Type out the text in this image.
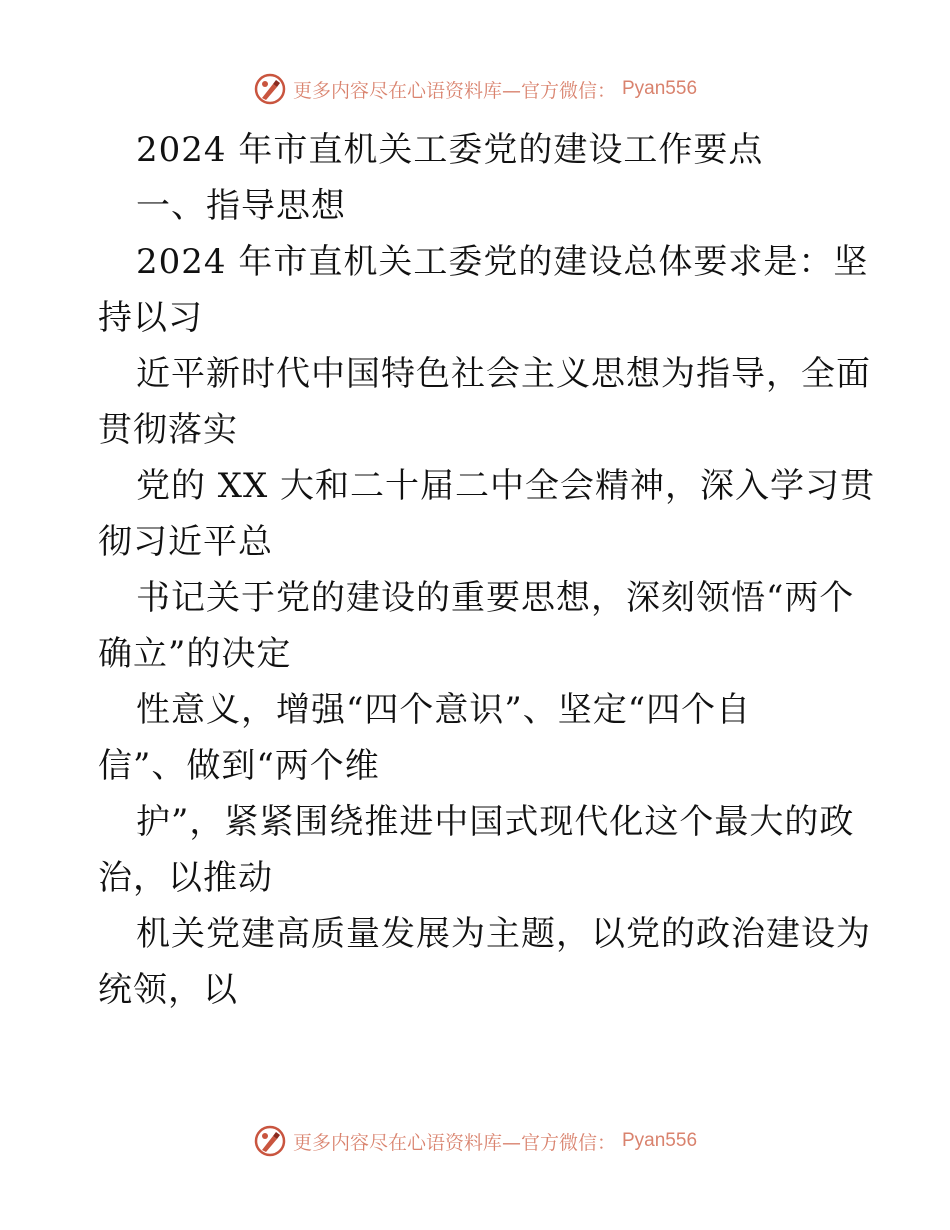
更多内容尽在心语资料库—官方微信： Pyan556
2024 年市直机关工委党的建设工作要点
一、指导思想
2024 年市直机关工委党的建设总体要求是：坚
持以习
近平新时代中国特色社会主义思想为指导，全面
贯彻落实
党的 XX 大和二十届二中全会精神，深入学习贯
彻习近平总
书记关于党的建设的重要思想，深刻领悟“两个
确立”的决定
性意义，增强“四个意识”、坚定“四个自
信”、做到“两个维
护”，紧紧围绕推进中国式现代化这个最大的政
治，以推动
机关党建高质量发展为主题，以党的政治建设为
统领，以
更多内容尽在心语资料库—官方微信： Pyan556
